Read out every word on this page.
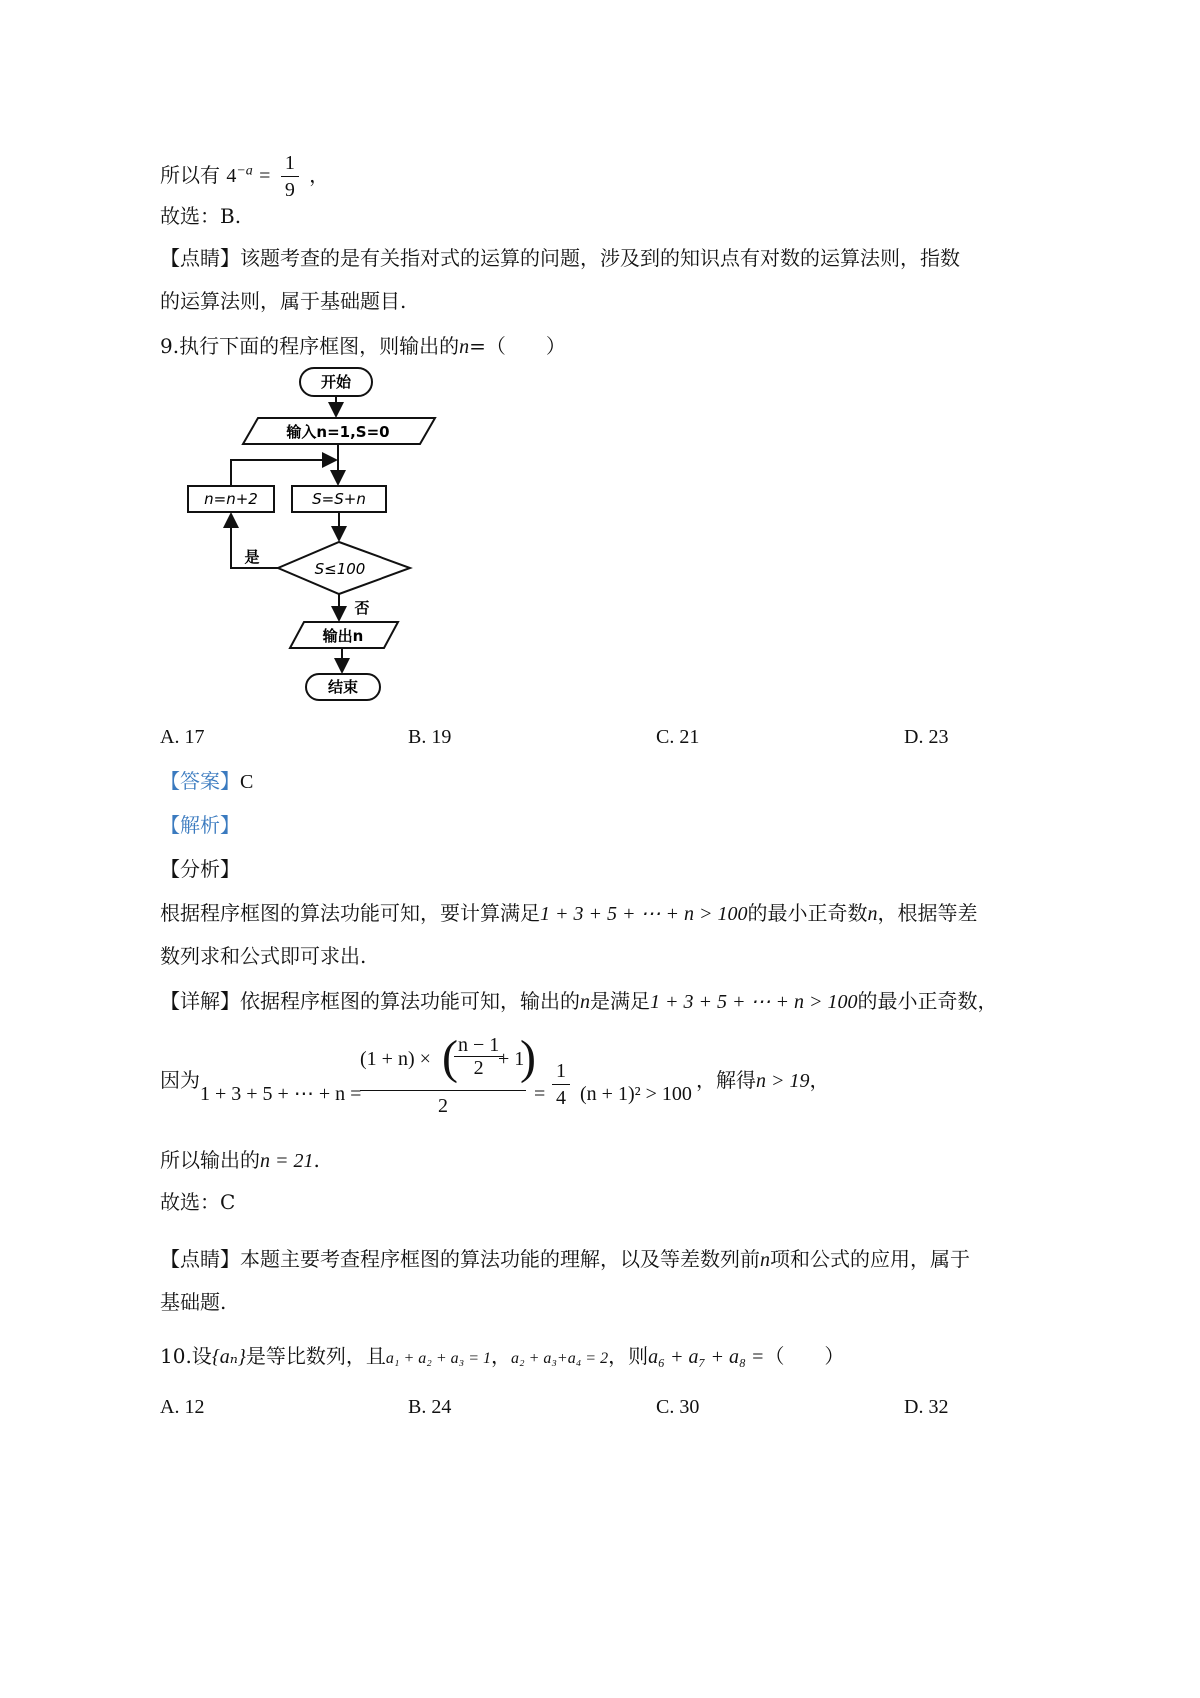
所以有 $4^{-a} = \frac{1}{9}$ ，
故选：B.
【点睛】该题考查的是有关指对式的运算的问题，涉及到的知识点有对数的运算法则，指数
的运算法则，属于基础题目.
9.执行下面的程序框图，则输出的n=（　　）
开始
输入n=1,S=0
S=S+n
n=n+2
S≤100
是
否
输出n
结束
A. 17	B. 19	C. 21	D. 23
【答案】C
【解析】
【分析】
根据程序框图的算法功能可知，要计算满足1 + 3 + 5 + ⋯ + n > 100的最小正奇数n，根据等差
数列求和公式即可求出.
【详解】依据程序框图的算法功能可知，输出的n是满足1 + 3 + 5 + ⋯ + n > 100的最小正奇数，
因为
1 + 3 + 5 + ⋯ + n =
(1 + n) × (
$\frac{n - 1}{2}$
+ 1
)
$2 = \frac{1}{4} (n + 1)^2 > 100$
，解得n > 19，
所以输出的n = 21.
故选：C
【点睛】本题主要考查程序框图的算法功能的理解，以及等差数列前n项和公式的应用，属于
基础题.
10.设{aₙ}是等比数列，且a₁ + a₂ + a₃ = 1，a₂ + a₃+a₄ = 2，则a₆ + a₇ + a₈ =（　　）
A. 12	B. 24	C. 30	D. 32
